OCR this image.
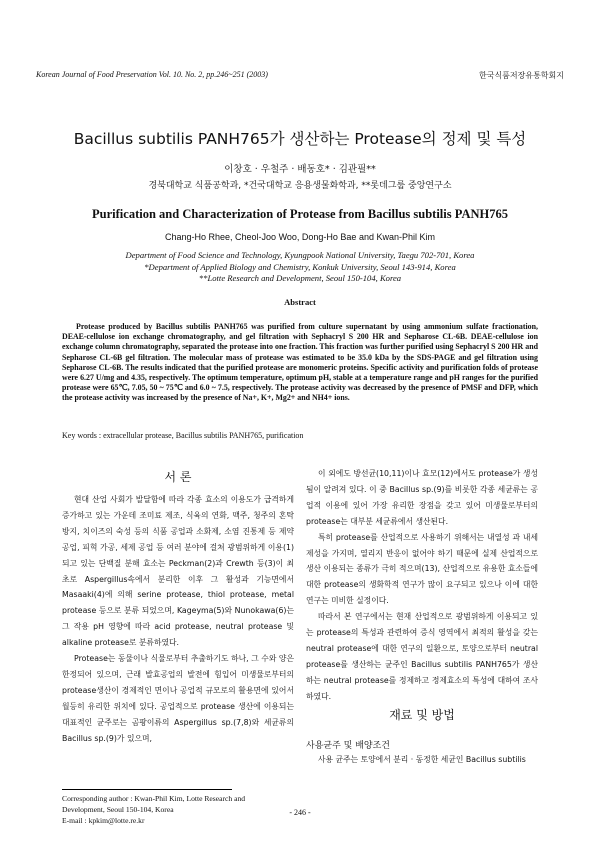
Korean Journal of Food Preservation Vol. 10. No. 2, pp.246~251 (2003)	한국식품저장유통학회지
Bacillus subtilis PANH765가 생산하는 Protease의 정제 및 특성
이창호 · 우철주 · 배동호* · 김관필**
경북대학교 식품공학과, *건국대학교 응용생물화학과, **롯데그룹 중앙연구소
Purification and Characterization of Protease from Bacillus subtilis PANH765
Chang-Ho Rhee, Cheol-Joo Woo, Dong-Ho Bae and Kwan-Phil Kim
Department of Food Science and Technology, Kyungpook National University, Taegu 702-701, Korea
*Department of Applied Biology and Chemistry, Konkuk University, Seoul 143-914, Korea
**Lotte Research and Development, Seoul 150-104, Korea
Abstract
Protease produced by Bacillus subtilis PANH765 was purified from culture supernatant by using ammonium sulfate fractionation, DEAE-cellulose ion exchange chromatography, and gel filtration with Sephacryl S 200 HR and Sepharose CL-6B. DEAE-cellulose ion exchange column chromatography, separated the protease into one fraction. This fraction was further purified using Sephacryl S 200 HR and Sepharose CL-6B gel filtration. The molecular mass of protease was estimated to be 35.0 kDa by the SDS-PAGE and gel filtration using Sepharose CL-6B. The results indicated that the purified protease are monomeric proteins. Specific activity and purification folds of protease were 6.27 U/mg and 4.35, respectively. The optimum temperature, optimum pH, stable at a temperature range and pH ranges for the purified protease were 65℃, 7.05, 50 ~ 75℃ and 6.0 ~ 7.5, respectively. The protease activity was decreased by the presence of PMSF and DFP, which the protease activity was increased by the presence of Na+, K+, Mg2+ and NH4+ ions.
Key words : extracellular protease, Bacillus subtilis PANH765, purification
서 론

현대 산업 사회가 발달함에 따라 각종 효소의 이용도가 급격하게 증가하고 있는 가운데 조미료 제조, 식육의 연화, 맥주, 청주의 혼탁 방지, 치이즈의 숙성 등의 식품 공업과 소화제, 소염 진통제 등 제약공업, 피혁 가공, 세제 공업 등 여러 분야에 걸쳐 광범위하게 이용(1)되고 있는 단백질 분해 효소는 Peckman(2)과 Crewth 등(3)이 최초로 Aspergillus속에서 분리한 이후 그 활성과 기능면에서 Masaaki(4)에 의해 serine protease, thiol protease, metal protease 등으로 분류 되었으며, Kageyma(5)와 Nunokawa(6)는 그 작용 pH 영향에 따라 acid protease, neutral protease 및 alkaline protease로 분류하였다.

Protease는 동물이나 식물로부터 추출하기도 하나, 그 수와 양은 한정되어 있으며, 근래 발효공업의 발전에 힘입어 미생물로부터의 protease생산이 경제적인 면이나 공업적 규모로의 활용면에 있어서 월등히 유리한 위치에 있다. 공업적으로 protease 생산에 이용되는 대표적인 균주로는 곰팡이류의 Aspergillus sp.(7,8)와 세균류의 Bacillus sp.(9)가 있으며,

Corresponding author : Kwan-Phil Kim, Lotte Research and
Development, Seoul 150-104, Korea
E-mail : kpkim@lotte.re.kr

이 외에도 방선균(10,11)이나 효모(12)에서도 protease가 생성됨이 알려져 있다. 이 중 Bacillus sp.(9)를 비롯한 각종 세균류는 공업적 이용에 있어 가장 유리한 장점을 갖고 있어 미생물로부터의 protease는 대부분 세균류에서 생산된다.

특히 protease를 산업적으로 사용하기 위해서는 내열성 과 내세제성을 가지며, 열리지 반응이 없어야 하기 때문에 실제 산업적으로 생산 이용되는 종류가 극히 적으며(13), 산업적으로 유용한 효소들에 대한 protease의 생화학적 연구가 많이 요구되고 있으나 이에 대한 연구는 미비한 실정이다.

따라서 본 연구에서는 현재 산업적으로 광범위하게 이용되고 있는 protease의 특성과 관련하여 증식 영역에서 최적의 활성을 갖는 neutral protease에 대한 연구의 일환으로, 토양으로부터 neutral protease를 생산하는 균주인 Bacillus subtilis PANH765가 생산하는 neutral protease를 정제하고 정제효소의 특성에 대하여 조사하였다.

재료 및 방법
사용균주 및 배양조건

사용 균주는 토양에서 분리 · 동정한 세균인 Bacillus subtilis

- 246 -
